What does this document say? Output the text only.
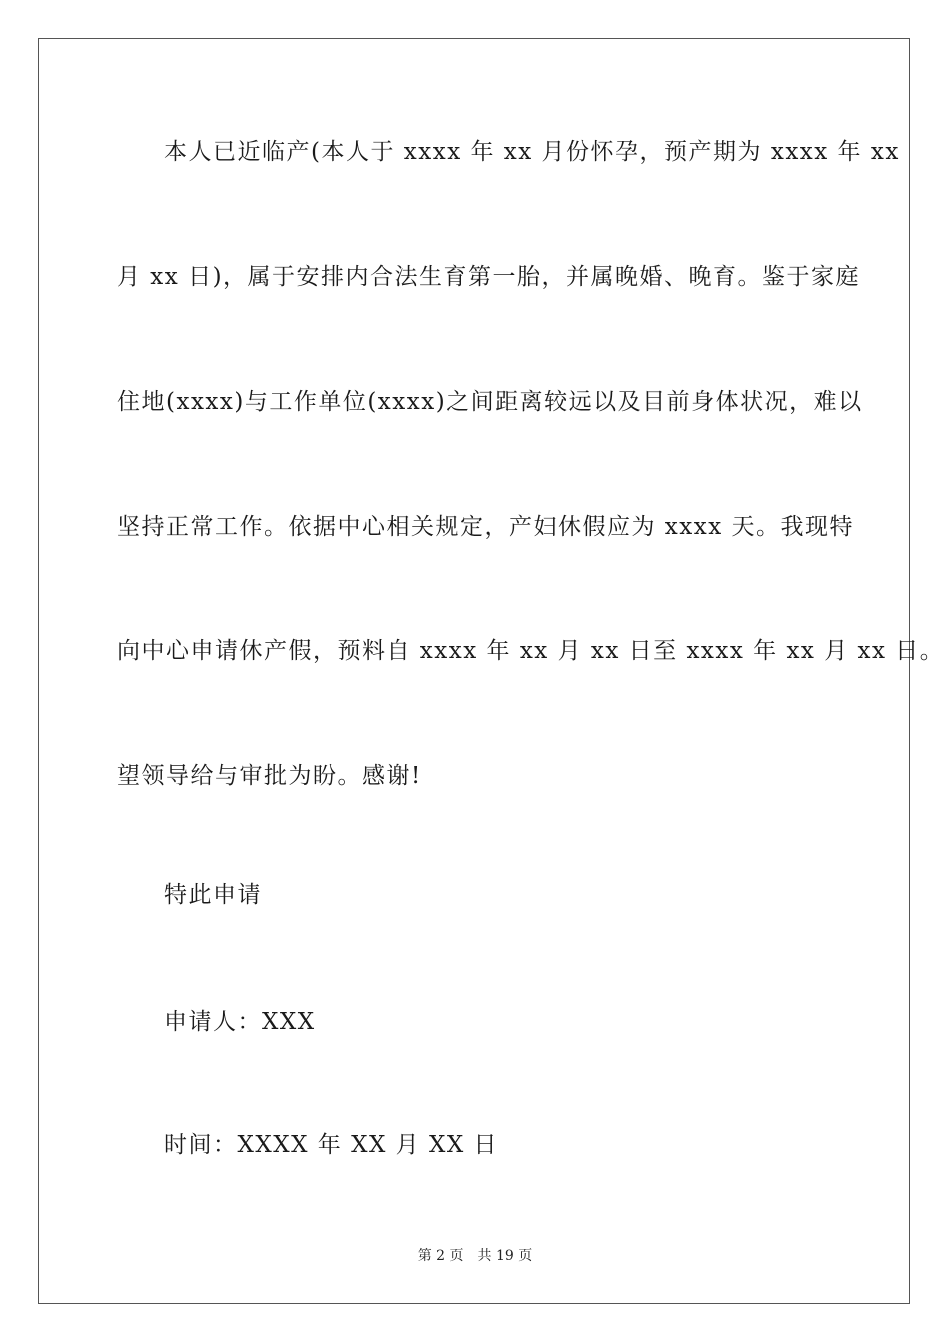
本人已近临产(本人于 xxxx 年 xx 月份怀孕，预产期为 xxxx 年 xx

月 xx 日)，属于安排内合法生育第一胎，并属晚婚、晚育。鉴于家庭

住地(xxxx)与工作单位(xxxx)之间距离较远以及目前身体状况，难以

坚持正常工作。依据中心相关规定，产妇休假应为 xxxx 天。我现特

向中心申请休产假，预料自 xxxx 年 xx 月 xx 日至 xxxx 年 xx 月 xx 日。

望领导给与审批为盼。感谢!

特此申请

申请人：XXX

时间：XXXX 年 XX 月 XX 日

第 2 页 共 19 页
